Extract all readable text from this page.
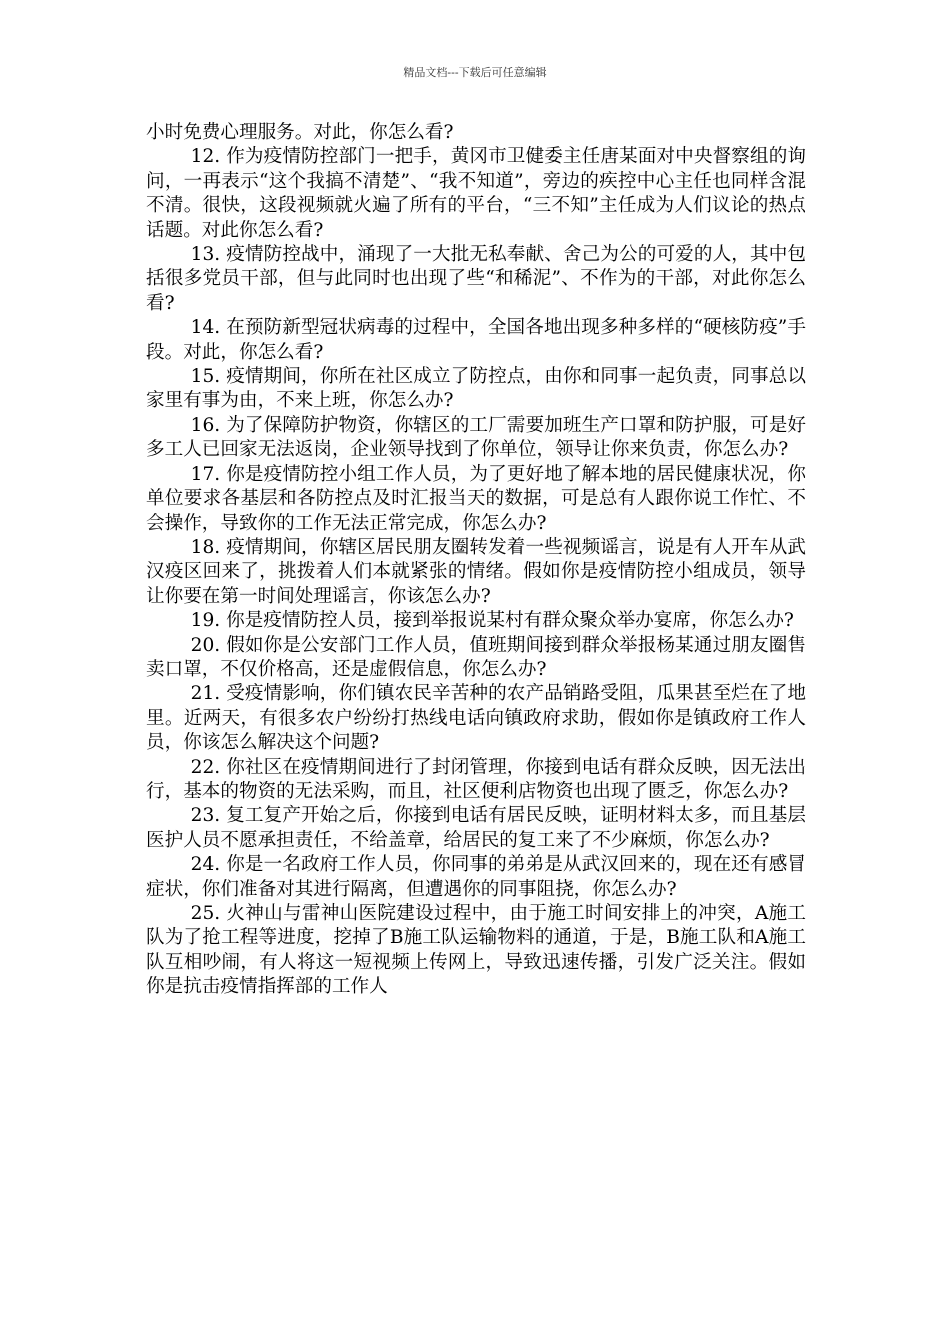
精品文档---下载后可任意编辑

小时免费心理服务。对此，你怎么看?

12. 作为疫情防控部门一把手，黄冈市卫健委主任唐某面对中央督察组的询问，一再表示“这个我搞不清楚”、“我不知道”，旁边的疾控中心主任也同样含混不清。很快，这段视频就火遍了所有的平台，“三不知”主任成为人们议论的热点话题。对此你怎么看?

13. 疫情防控战中，涌现了一大批无私奉献、舍己为公的可爱的人，其中包括很多党员干部，但与此同时也出现了些“和稀泥”、不作为的干部，对此你怎么看?

14. 在预防新型冠状病毒的过程中，全国各地出现多种多样的“硬核防疫”手段。对此，你怎么看?

15. 疫情期间，你所在社区成立了防控点，由你和同事一起负责，同事总以家里有事为由，不来上班，你怎么办?

16. 为了保障防护物资，你辖区的工厂需要加班生产口罩和防护服，可是好多工人已回家无法返岗，企业领导找到了你单位，领导让你来负责，你怎么办?

17. 你是疫情防控小组工作人员，为了更好地了解本地的居民健康状况，你单位要求各基层和各防控点及时汇报当天的数据，可是总有人跟你说工作忙、不会操作，导致你的工作无法正常完成，你怎么办?

18. 疫情期间，你辖区居民朋友圈转发着一些视频谣言，说是有人开车从武汉疫区回来了，挑拨着人们本就紧张的情绪。假如你是疫情防控小组成员，领导让你要在第一时间处理谣言，你该怎么办?

19. 你是疫情防控人员，接到举报说某村有群众聚众举办宴席，你怎么办?

20. 假如你是公安部门工作人员，值班期间接到群众举报杨某通过朋友圈售卖口罩，不仅价格高，还是虚假信息，你怎么办?

21. 受疫情影响，你们镇农民辛苦种的农产品销路受阻，瓜果甚至烂在了地里。近两天，有很多农户纷纷打热线电话向镇政府求助，假如你是镇政府工作人员，你该怎么解决这个问题?

22. 你社区在疫情期间进行了封闭管理，你接到电话有群众反映，因无法出行，基本的物资的无法采购，而且，社区便利店物资也出现了匮乏，你怎么办?

23. 复工复产开始之后，你接到电话有居民反映，证明材料太多，而且基层医护人员不愿承担责任，不给盖章，给居民的复工来了不少麻烦，你怎么办?

24. 你是一名政府工作人员，你同事的弟弟是从武汉回来的，现在还有感冒症状，你们准备对其进行隔离，但遭遇你的同事阻挠，你怎么办?

25. 火神山与雷神山医院建设过程中，由于施工时间安排上的冲突，A施工队为了抢工程等进度，挖掉了B施工队运输物料的通道，于是，B施工队和A施工队互相吵闹，有人将这一短视频上传网上，导致迅速传播，引发广泛关注。假如你是抗击疫情指挥部的工作人
